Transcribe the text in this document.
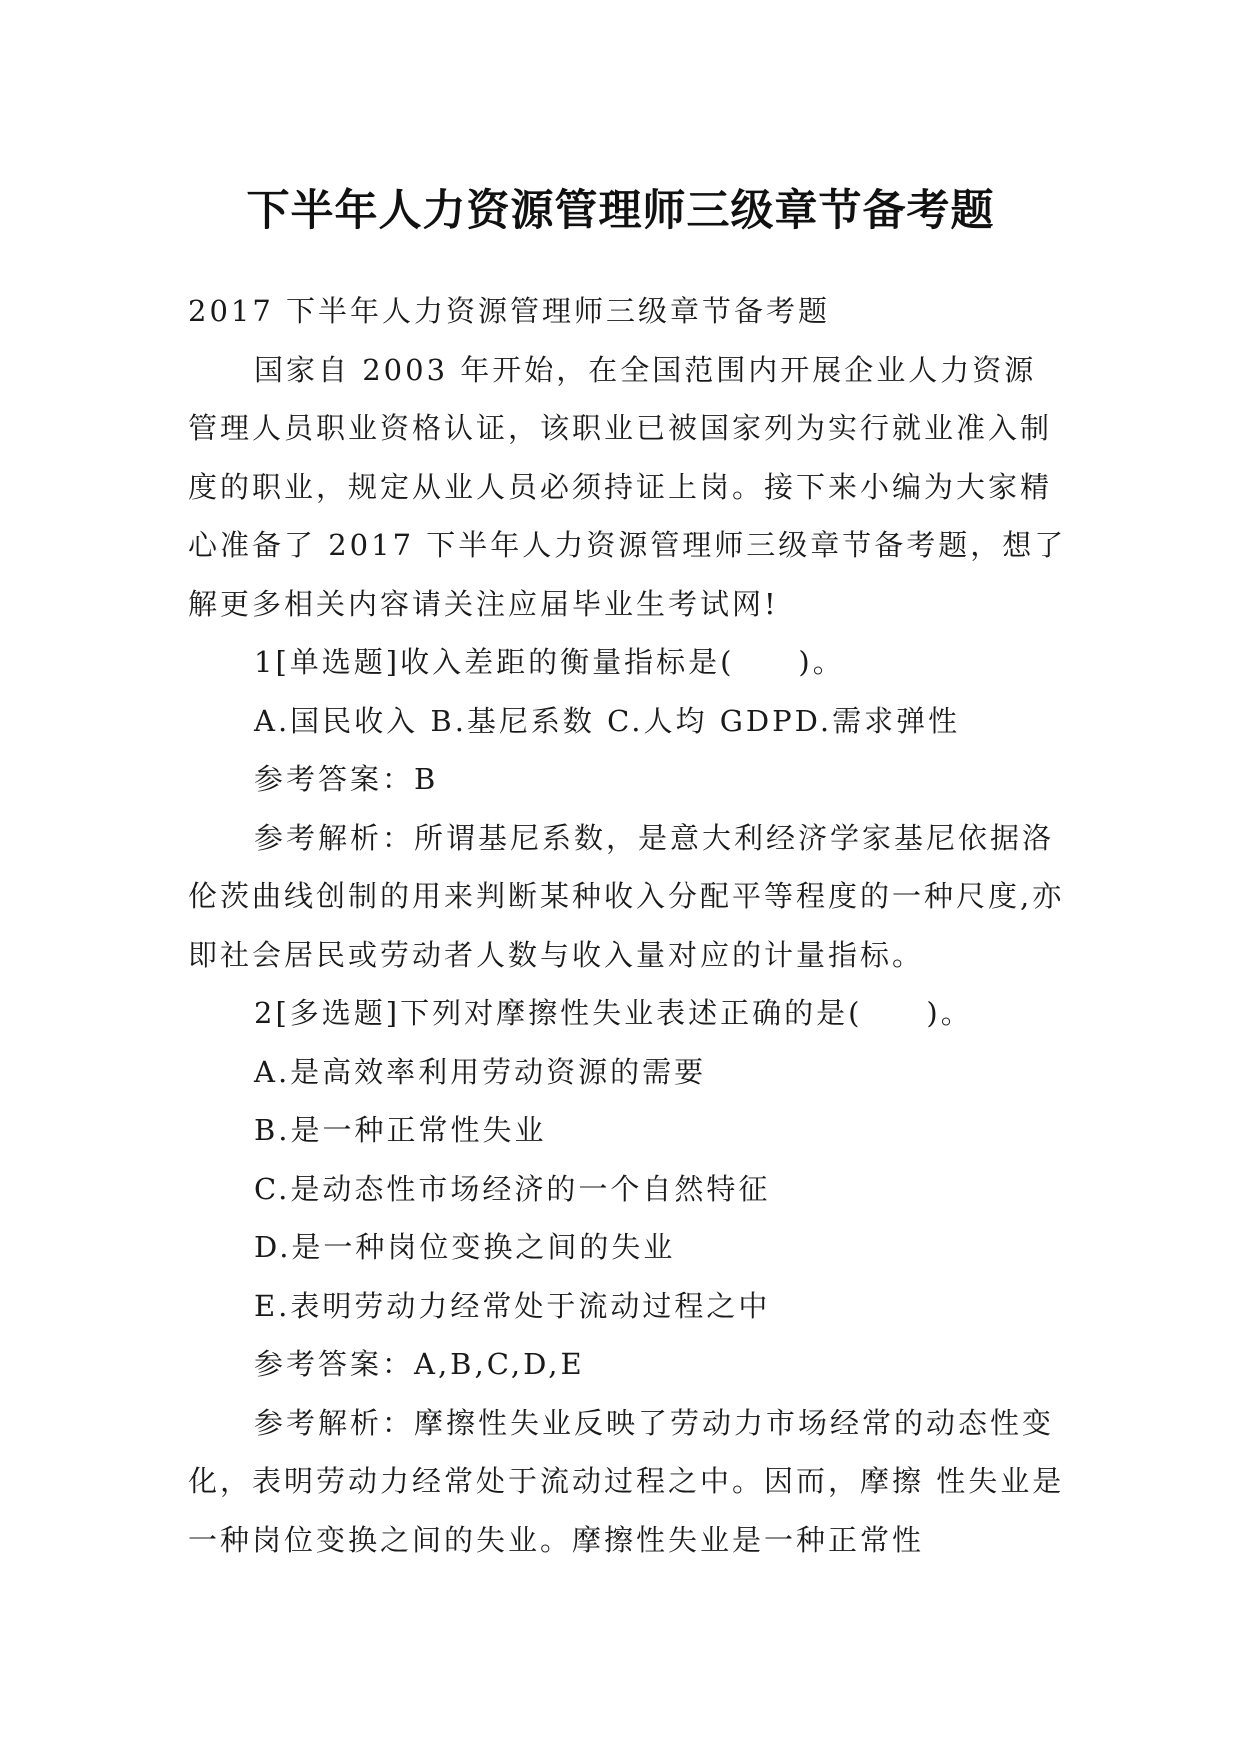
下半年人力资源管理师三级章节备考题

2017 下半年人力资源管理师三级章节备考题

国家自 2003 年开始，在全国范围内开展企业人力资源管理人员职业资格认证，该职业已被国家列为实行就业准入制度的职业，规定从业人员必须持证上岗。接下来小编为大家精心准备了 2017 下半年人力资源管理师三级章节备考题，想了解更多相关内容请关注应届毕业生考试网!

1[单选题]收入差距的衡量指标是(　　)。

A.国民收入 B.基尼系数 C.人均 GDPD.需求弹性

参考答案：B

参考解析：所谓基尼系数，是意大利经济学家基尼依据洛伦茨曲线创制的用来判断某种收入分配平等程度的一种尺度,亦即社会居民或劳动者人数与收入量对应的计量指标。

2[多选题]下列对摩擦性失业表述正确的是(　　)。

A.是高效率利用劳动资源的需要

B.是一种正常性失业

C.是动态性市场经济的一个自然特征

D.是一种岗位变换之间的失业

E.表明劳动力经常处于流动过程之中

参考答案：A,B,C,D,E

参考解析：摩擦性失业反映了劳动力市场经常的动态性变化，表明劳动力经常处于流动过程之中。因而，摩擦 性失业是一种岗位变换之间的失业。摩擦性失业是一种正常性
